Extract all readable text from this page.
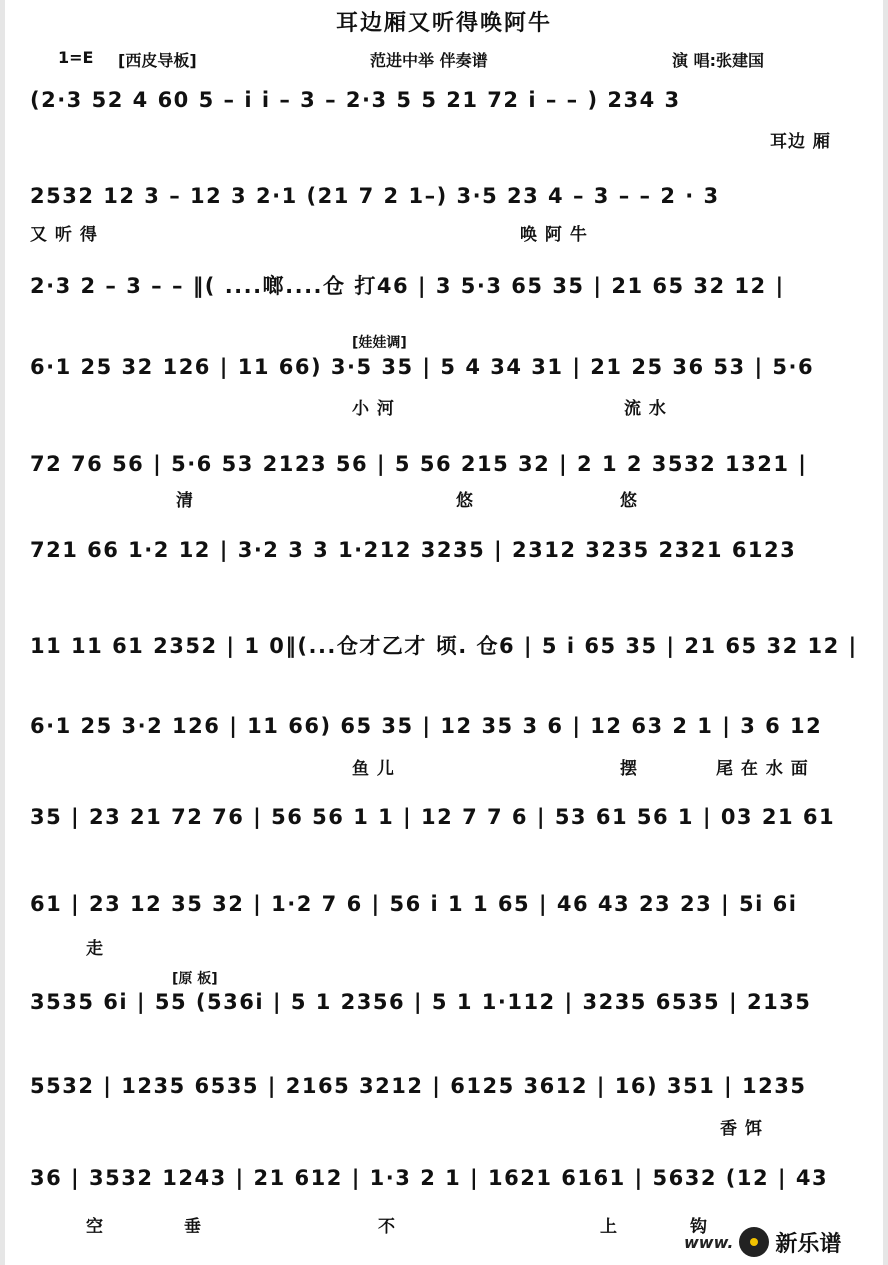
耳边厢又听得唤阿牛
1=E [西皮导板]	范进中举 伴奏谱	演 唱:张建国
(2·3 52 4 60 5 – i i – 3 – 2·3 5 5 21 72 i – – ) 234 3
2532 12 3 – 12 3 2·1 (21 7 2 1–) 3·5 23 4 – 3 – – 2 · 3
2·3 2 – 3 – – ‖( ....啷....仓 打46 | 3 5·3 65 35 | 21 65 32 12 |
6·1 25 32 126 | 11 66) 3·5 35 | 5 4 34 31 | 21 25 36 53 | 5·6
72 76 56 | 5·6 53 2123 56 | 5 56 215 32 | 2 1 2 3532 1321 |
721 66 1·2 12 | 3·2 3 3 1·212 3235 | 2312 3235 2321 6123
11 11 61 2352 | 1 0‖(...仓才乙才 顷. 仓6 | 5 i 65 35 | 21 65 32 12 |
6·1 25 3·2 126 | 11 66) 65 35 | 12 35 3 6 | 12 63 2 1 | 3 6 12
35 | 23 21 72 76 | 56 56 1 1 | 12 7 7 6 | 53 61 56 1 | 03 21 61
61 | 23 12 35 32 | 1·2 7 6 | 56 i 1 1 65 | 46 43 23 23 | 5i 6i
3535 6i | 55 (536i | 5 1 2356 | 5 1 1·112 | 3235 6535 | 2135
5532 | 1235 6535 | 2165 3212 | 6125 3612 | 16) 351 | 1235
36 | 3532 1243 | 21 612 | 1·3 2 1 | 1621 6161 | 5632 (12 | 43
[娃娃调]
[原 板]
耳边 厢
又 听 得	唤 阿 牛
小 河	流 水
清	悠	悠
鱼 儿	摆	尾 在 水 面
走
香 饵
空	垂	不	上	钩
www. 新乐谱
